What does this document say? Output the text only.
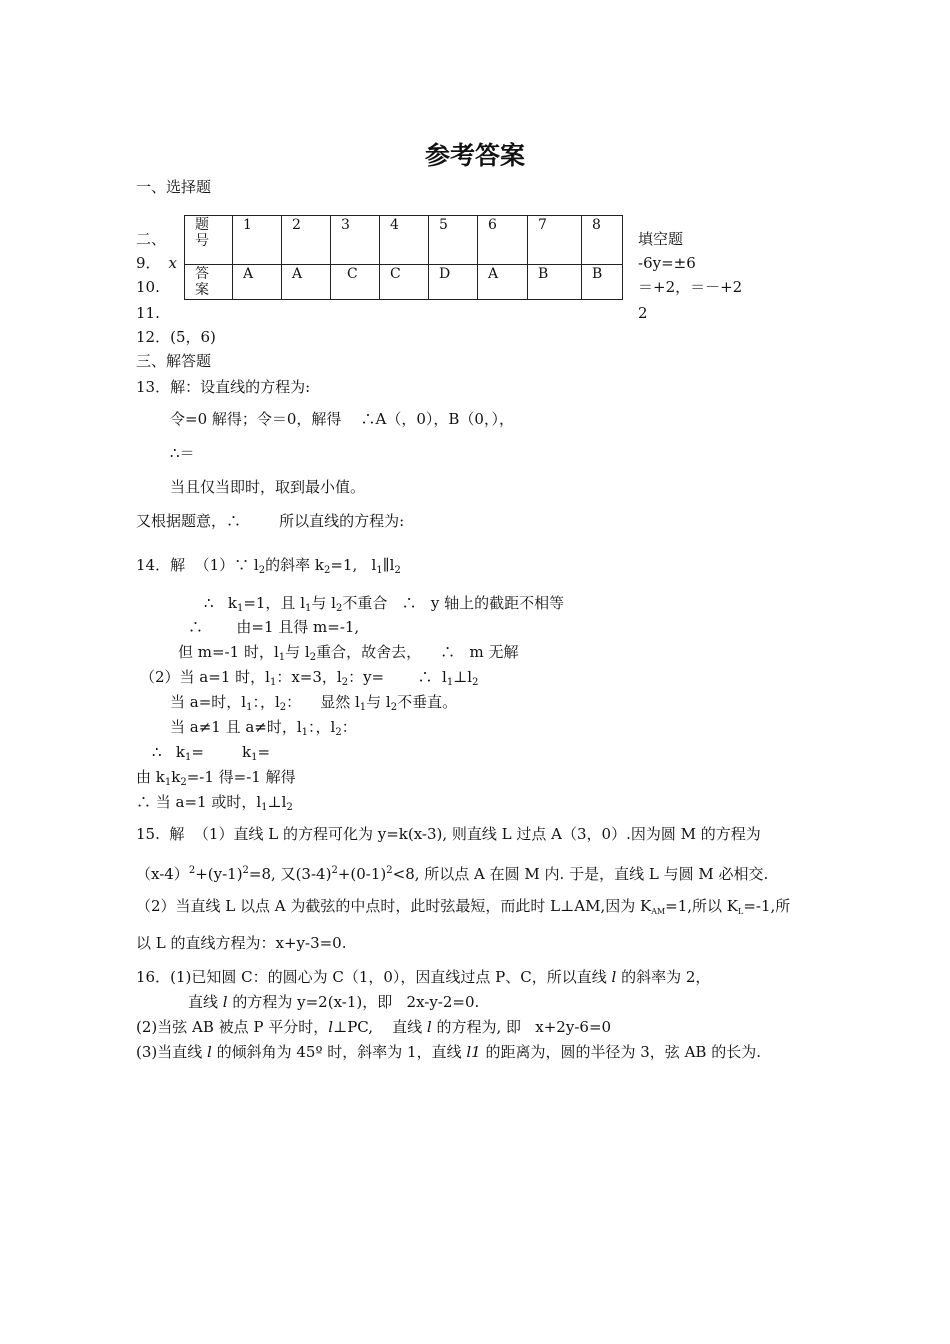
参考答案
一、选择题
题
号	1	2	3	4	5	6	7	8
答
案	A	A	C	C	D	A	B	B
二、
9． x
10.
11.
填空题
-6y=±6
＝+2，＝－+2
2
12．(5，6)
三、解答题
13．解：设直线的方程为:
令=0 解得；令＝0，解得    ∴A（，0），B（0，），
∴＝
当且仅当即时，取到最小值。
又根据题意，∴        所以直线的方程为:
14．解  （1）∵ $l_2$的斜率 $k_2=1$,   $l_1\parallel l_2$
∴   $k_1=1$，且 $l_1$与 $l_2$不重合   ∴   y 轴上的截距不相等
∴       由=1 且得 m=-1,
但 m=-1 时，$l_1$与 $l_2$重合，故舍去，    ∴   m 无解
（2）当 a=1 时，$l_1$：x=3，$l_2$：y=       ∴  $l_1\perp l_2$
当 a=时，$l_1$：，$l_2$：    显然 $l_1$与 $l_2$不垂直。
当 a≠1 且 a≠时，$l_1$：，$l_2$：
∴   $k_1=$        $k_1=$
由 $k_1k_2=-1$ 得=-1 解得
∴ 当 a=1 或时，$l_1\perp l_2$
15.  解  （1）直线 L 的方程可化为 y=k(x-3), 则直线 L 过点 A（3，0）.因为圆 M 的方程为
$(x-4)^2+(y-1)^2=8$, 又$(3-4)^2+(0-1)^2<8$, 所以点 A 在圆 M 内. 于是，直线 L 与圆 M 必相交.
（2）当直线 L 以点 A 为截弦的中点时，此时弦最短，而此时 L⊥AM,因为 $K_{AM}=1$,所以 $K_L=-1$,所
以 L 的直线方程为：x+y-3=0.
16．(1)已知圆 C：的圆心为 C（1，0），因直线过点 P、C，所以直线 l 的斜率为 2，
直线 l 的方程为 y=2(x-1)，即   2x-y-2=0.
(2)当弦 AB 被点 P 平分时，l⊥PC,    直线 l 的方程为, 即   x+2y-6=0
(3)当直线 l 的倾斜角为 45º 时，斜率为 1，直线 l1 的距离为，圆的半径为 3，弦 AB 的长为.
